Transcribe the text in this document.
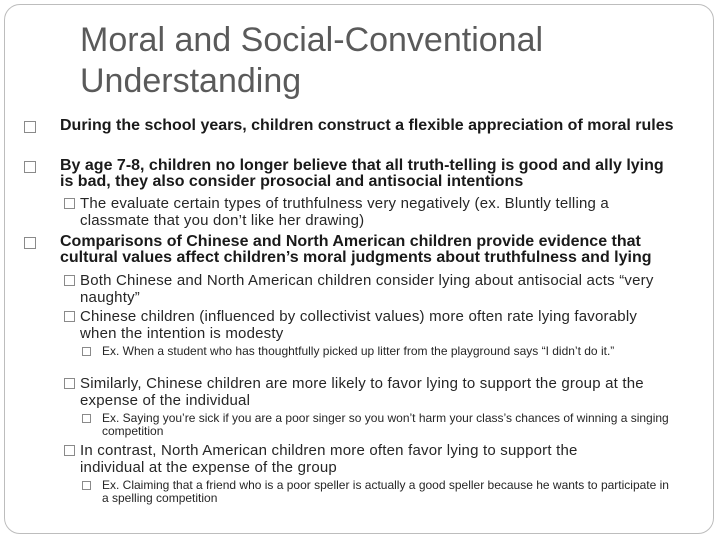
Moral and Social-Conventional
Understanding
During the school years, children construct a flexible appreciation of moral rules
By age 7-8, children no longer believe that all truth-telling is good and ally lying is bad, they also consider prosocial and antisocial intentions
The evaluate certain types of truthfulness very negatively (ex. Bluntly telling a classmate that you don’t like her drawing)
Comparisons of Chinese and North American children provide evidence that cultural values affect children’s moral judgments about truthfulness and lying
Both Chinese and North American children consider lying about antisocial acts “very naughty”
Chinese children (influenced by collectivist values) more often rate lying favorably when the intention is modesty
Ex. When a student who has thoughtfully picked up litter from the playground says “I didn’t do it.”
Similarly, Chinese children are more likely to favor lying to support the group at the expense of the individual
Ex. Saying you’re sick if you are a poor singer so you won’t harm your class’s chances of winning a singing competition
In contrast, North American children more often favor lying to support the individual at the expense of the group
Ex. Claiming that a friend who is a poor speller is actually a good speller because he wants to participate in a spelling competition
